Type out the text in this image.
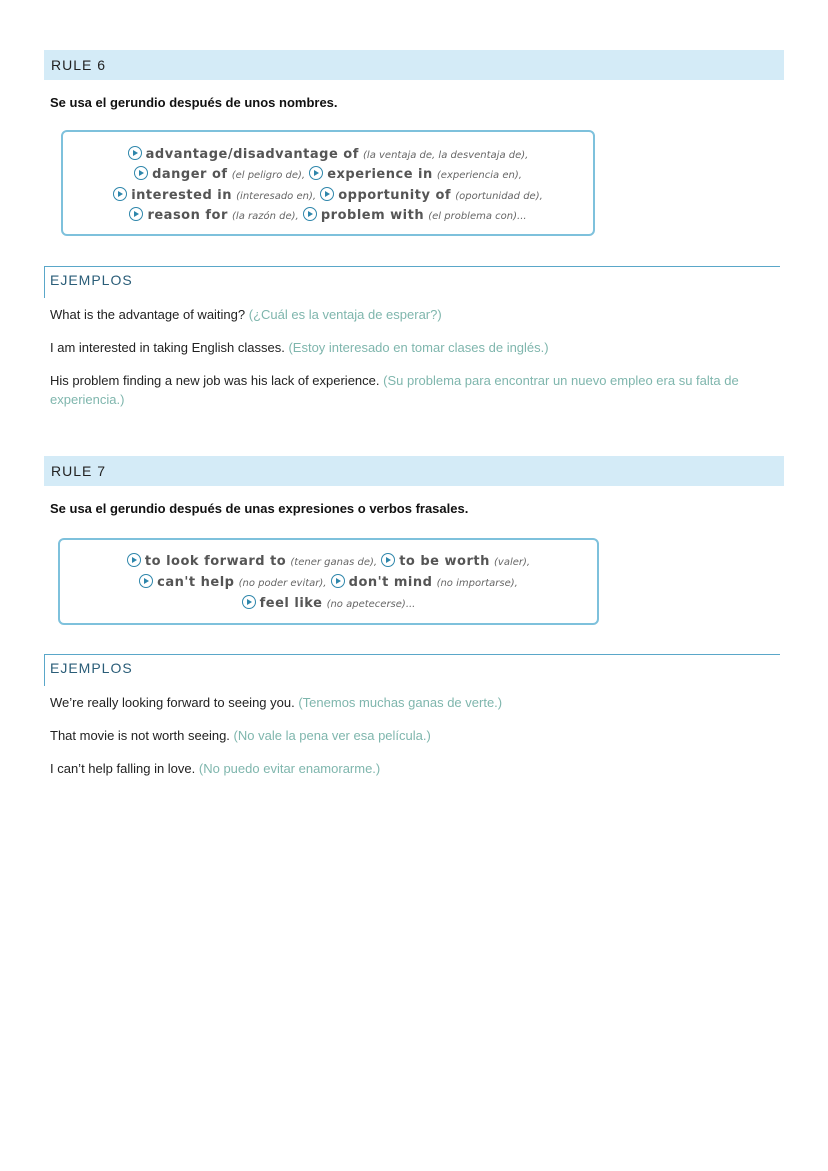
RULE 6
Se usa el gerundio después de unos nombres.
advantage/disadvantage of (la ventaja de, la desventaja de),
danger of (el peligro de), experience in (experiencia en),
interested in (interesado en), opportunity of (oportunidad de),
reason for (la razón de), problem with (el problema con)...
EJEMPLOS
What is the advantage of waiting? (¿Cuál es la ventaja de esperar?)
I am interested in taking English classes. (Estoy interesado en tomar clases de inglés.)
His problem finding a new job was his lack of experience. (Su problema para encontrar un nuevo empleo era su falta de experiencia.)
RULE 7
Se usa el gerundio después de unas expresiones o verbos frasales.
to look forward to (tener ganas de), to be worth (valer),
can't help (no poder evitar), don't mind (no importarse),
feel like (no apetecerse)...
EJEMPLOS
We’re really looking forward to seeing you. (Tenemos muchas ganas de verte.)
That movie is not worth seeing. (No vale la pena ver esa película.)
I can’t help falling in love. (No puedo evitar enamorarme.)
